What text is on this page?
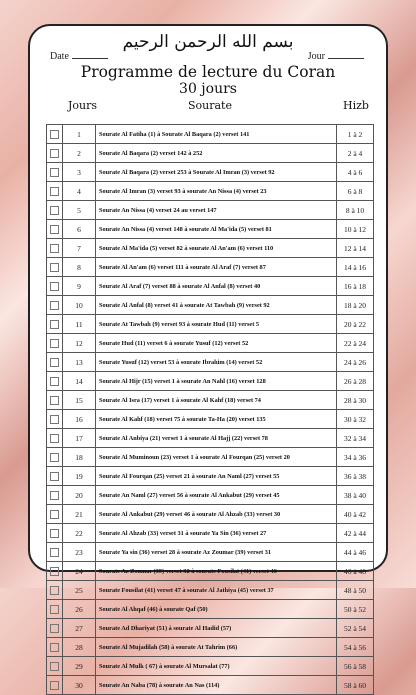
Date
بسم الله الرحمن الرحيم
Jour
Programme de lecture du Coran
30 jours
Jours	Sourate	Hizb
	1	Sourate Al Fatiha (1) à Sourate Al Baqara (2) verset 141	1 à 2
	2	Sourate Al Baqara (2) verset 142 à 252	2 à 4
	3	Sourate Al Baqara (2) verset 253 à Sourate Al Imran (3) verset 92	4 à 6
	4	Sourate Al Imran (3) verset 93 à sourate An Nissa (4) verset 23	6 à 8
	5	Sourate An Nissa (4) verset 24 au verset 147	8 à 10
	6	Sourate An Nissa (4) verset 148 à sourate Al Ma'ida (5) verset 81	10 à 12
	7	Sourate Al Ma'ida (5) verset 82 à sourate Al An'am (6) verset 110	12 à 14
	8	Sourate Al An'am (6) verset 111 à sourate Al Araf (7) verset 87	14 à 16
	9	Sourate Al Araf (7) verset 88 à sourate Al Anfal (8) verset 40	16 à 18
	10	Sourate Al Anfal (8) verset 41 à sourate At Tawbah (9) verset 92	18 à 20
	11	Sourate At Tawbah (9) verset 93 à sourate Hud (11) verset 5	20 à 22
	12	Sourate Hud (11) verset 6 à sourate Yusuf (12) verset 52	22 à 24
	13	Sourate Yusuf (12) verset 53 à sourate Ibrahim (14) verset 52	24 à 26
	14	Sourate Al Hijr (15) verset 1 à sourate An Nahl (16) verset 128	26 à 28
	15	Sourate Al Isra (17) verset 1 à sourate Al Kahf (18) verset 74	28 à 30
	16	Sourate Al Kahf (18) verset 75 à sourate Ta-Ha (20) verset 135	30 à 32
	17	Sourate Al Anbiya (21) verset 1 à sourate Al Hajj (22) verset 78	32 à 34
	18	Sourate Al Muminoun (23) verset 1 à sourate Al Fourqan (25) verset 20	34 à 36
	19	Sourate Al Fourqan (25) verset 21 à sourate An Naml (27) verset 55	36 à 38
	20	Sourate An Naml (27) verset 56 à sourate Al Ankabut (29) verset 45	38 à 40
	21	Sourate Al Ankabut (29) verset 46 à sourate Al Ahzab (33) verset 30	40 à 42
	22	Sourate Al Ahzab (33) verset 31 à sourate Ya Sin (36) verset 27	42 à 44
	23	Sourate Ya sin (36) verset 28 à sourate Az Zoumar (39) verset 31	44 à 46
	24	Sourate Az Zoumar (39) verset 32 à sourate Fousilat (41) verset 46	46 à 48
	25	Sourate Fousilat (41) verset 47 à sourate Al Jathiya (45) verset 37	48 à 50
	26	Sourate Al Ahqaf (46) à sourate Qaf (50)	50 à 52
	27	Sourate Ad Dhariyat (51) à sourate Al Hadid (57)	52 à 54
	28	Sourate Al Mujadilah (58) à sourate At Tahrim (66)	54 à 56
	29	Sourate Al Mulk ( 67) à sourate Al Mursalat (77)	56 à 58
	30	Sourate An Naba (78) à sourate An Nas (114)	58 à 60
